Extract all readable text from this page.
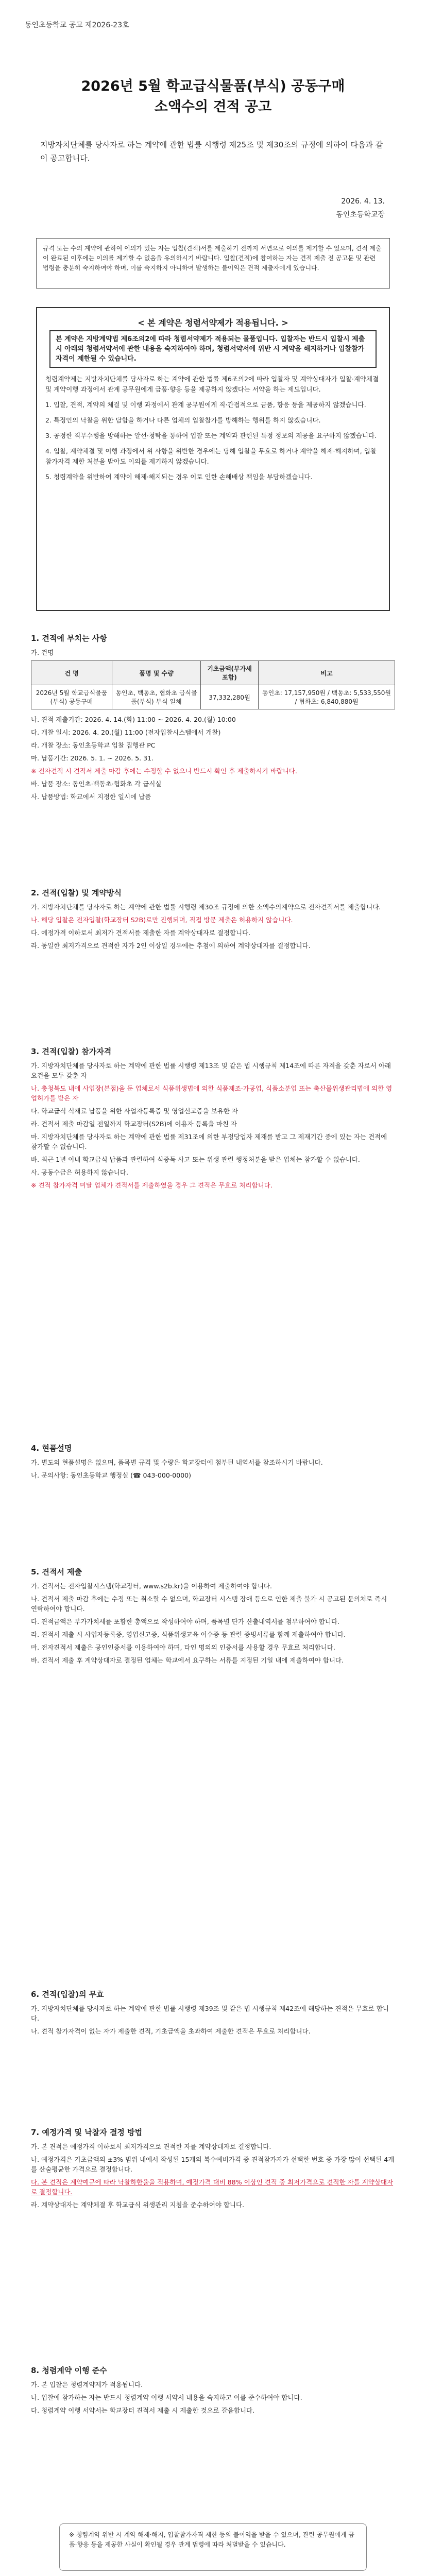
동인초등학교 공고 제2026-23호
2026년 5월 학교급식물품(부식) 공동구매
소액수의 견적 공고
지방자치단체를 당사자로 하는 계약에 관한 법률 시행령 제25조 및 제30조의 규정에 의하여 다음과 같이 공고합니다.
2026. 4. 13.
동인초등학교장
규격 또는 수의 계약에 관하여 이의가 있는 자는 입찰(견적)서를 제출하기 전까지 서면으로 이의를 제기할 수 있으며, 견적 제출이 완료된 이후에는 이의를 제기할 수 없음을 유의하시기 바랍니다. 입찰(견적)에 참여하는 자는 견적 제출 전 공고문 및 관련 법령을 충분히 숙지하여야 하며, 이를 숙지하지 아니하여 발생하는 불이익은 견적 제출자에게 있습니다.
< 본 계약은 청렴서약제가 적용됩니다. >
본 계약은 지방계약법 제6조의2에 따라 청렴서약제가 적용되는 물품입니다. 입찰자는 반드시 입찰시 제출 시 아래의 청렴서약서에 관한 내용을 숙지하여야 하며, 청렴서약서에 위반 시 계약을 해지하거나 입찰참가자격이 제한될 수 있습니다.

청렴계약제는 지방자치단체를 당사자로 하는 계약에 관한 법률 제6조의2에 따라 입찰자 및 계약상대자가 입찰·계약체결 및 계약이행 과정에서 관계 공무원에게 금품·향응 등을 제공하지 않겠다는 서약을 하는 제도입니다.

1. 입찰, 견적, 계약의 체결 및 이행 과정에서 관계 공무원에게 직·간접적으로 금품, 향응 등을 제공하지 않겠습니다.

2. 특정인의 낙찰을 위한 담합을 하거나 다른 업체의 입찰참가를 방해하는 행위를 하지 않겠습니다.

3. 공정한 직무수행을 방해하는 알선·청탁을 통하여 입찰 또는 계약과 관련된 특정 정보의 제공을 요구하지 않겠습니다.

4. 입찰, 계약체결 및 이행 과정에서 위 사항을 위반한 경우에는 당해 입찰을 무효로 하거나 계약을 해제·해지하며, 입찰참가자격 제한 처분을 받아도 이의를 제기하지 않겠습니다.

5. 청렴계약을 위반하여 계약이 해제·해지되는 경우 이로 인한 손해배상 책임을 부담하겠습니다.

1. 견적에 부치는 사항

가. 건명

건 명	품명 및 수량	기초금액(부가세 포함)	비고
2026년 5월 학교급식물품(부식) 공동구매	동인초, 백동초, 협화초 급식물품(부식) 부식 일체	37,332,280원	동인초: 17,157,950원 / 백동초: 5,533,550원 / 협화초: 6,840,880원

나. 견적 제출기간: 2026. 4. 14.(화) 11:00 ~ 2026. 4. 20.(월) 10:00

다. 개찰 일시: 2026. 4. 20.(월) 11:00 (전자입찰시스템에서 개찰)

라. 개찰 장소: 동인초등학교 입찰 집행관 PC

마. 납품기간: 2026. 5. 1. ~ 2026. 5. 31.

※ 전자견적 시 견적서 제출 마감 후에는 수정할 수 없으니 반드시 확인 후 제출하시기 바랍니다.

바. 납품 장소: 동인초·백동초·협화초 각 급식실

사. 납품방법: 학교에서 지정한 일시에 납품

2. 견적(입찰) 및 계약방식

가. 지방자치단체를 당사자로 하는 계약에 관한 법률 시행령 제30조 규정에 의한 소액수의계약으로 전자견적서를 제출합니다.

나. 해당 입찰은 전자입찰(학교장터 S2B)로만 진행되며, 직접 방문 제출은 허용하지 않습니다.

다. 예정가격 이하로서 최저가 견적서를 제출한 자를 계약상대자로 결정합니다.

라. 동일한 최저가격으로 견적한 자가 2인 이상일 경우에는 추첨에 의하여 계약상대자를 결정합니다.

3. 견적(입찰) 참가자격

가. 지방자치단체를 당사자로 하는 계약에 관한 법률 시행령 제13조 및 같은 법 시행규칙 제14조에 따른 자격을 갖춘 자로서 아래 요건을 모두 갖춘 자

나. 충청북도 내에 사업장(본점)을 둔 업체로서 식품위생법에 의한 식품제조·가공업, 식품소분업 또는 축산물위생관리법에 의한 영업허가를 받은 자

다. 학교급식 식재료 납품을 위한 사업자등록증 및 영업신고증을 보유한 자

라. 견적서 제출 마감일 전일까지 학교장터(S2B)에 이용자 등록을 마친 자

마. 지방자치단체를 당사자로 하는 계약에 관한 법률 제31조에 의한 부정당업자 제재를 받고 그 제재기간 중에 있는 자는 견적에 참가할 수 없습니다.

바. 최근 1년 이내 학교급식 납품과 관련하여 식중독 사고 또는 위생 관련 행정처분을 받은 업체는 참가할 수 없습니다.

사. 공동수급은 허용하지 않습니다.

※ 견적 참가자격 미달 업체가 견적서를 제출하였을 경우 그 견적은 무효로 처리합니다.

4. 현품설명

가. 별도의 현품설명은 없으며, 품목별 규격 및 수량은 학교장터에 첨부된 내역서를 참조하시기 바랍니다.

나. 문의사항: 동인초등학교 행정실 (☎ 043-000-0000)

5. 견적서 제출

가. 견적서는 전자입찰시스템(학교장터, www.s2b.kr)을 이용하여 제출하여야 합니다.

나. 견적서 제출 마감 후에는 수정 또는 취소할 수 없으며, 학교장터 시스템 장애 등으로 인한 제출 불가 시 공고된 문의처로 즉시 연락하여야 합니다.

다. 견적금액은 부가가치세를 포함한 총액으로 작성하여야 하며, 품목별 단가 산출내역서를 첨부하여야 합니다.

라. 견적서 제출 시 사업자등록증, 영업신고증, 식품위생교육 이수증 등 관련 증빙서류를 함께 제출하여야 합니다.

마. 전자견적서 제출은 공인인증서를 이용하여야 하며, 타인 명의의 인증서를 사용할 경우 무효로 처리합니다.

바. 견적서 제출 후 계약상대자로 결정된 업체는 학교에서 요구하는 서류를 지정된 기일 내에 제출하여야 합니다.

6. 견적(입찰)의 무효

가. 지방자치단체를 당사자로 하는 계약에 관한 법률 시행령 제39조 및 같은 법 시행규칙 제42조에 해당하는 견적은 무효로 합니다.

나. 견적 참가자격이 없는 자가 제출한 견적, 기초금액을 초과하여 제출한 견적은 무효로 처리합니다.

7. 예정가격 및 낙찰자 결정 방법

가. 본 견적은 예정가격 이하로서 최저가격으로 견적한 자를 계약상대자로 결정합니다.

나. 예정가격은 기초금액의 ±3% 범위 내에서 작성된 15개의 복수예비가격 중 견적참가자가 선택한 번호 중 가장 많이 선택된 4개를 산술평균한 가격으로 결정합니다.

다. 본 견적은 계약예규에 따라 낙찰하한율을 적용하며, 예정가격 대비 88% 이상인 견적 중 최저가격으로 견적한 자를 계약상대자로 결정합니다.

라. 계약상대자는 계약체결 후 학교급식 위생관리 지침을 준수하여야 합니다.

8. 청렴계약 이행 준수

가. 본 입찰은 청렴계약제가 적용됩니다.

나. 입찰에 참가하는 자는 반드시 청렴계약 이행 서약서 내용을 숙지하고 이를 준수하여야 합니다.

다. 청렴계약 이행 서약서는 학교장터 견적서 제출 시 제출한 것으로 갈음합니다.

※ 청렴계약 위반 시 계약 해제·해지, 입찰참가자격 제한 등의 불이익을 받을 수 있으며, 관련 공무원에게 금품·향응 등을 제공한 사실이 확인될 경우 관계 법령에 따라 처벌받을 수 있습니다.
